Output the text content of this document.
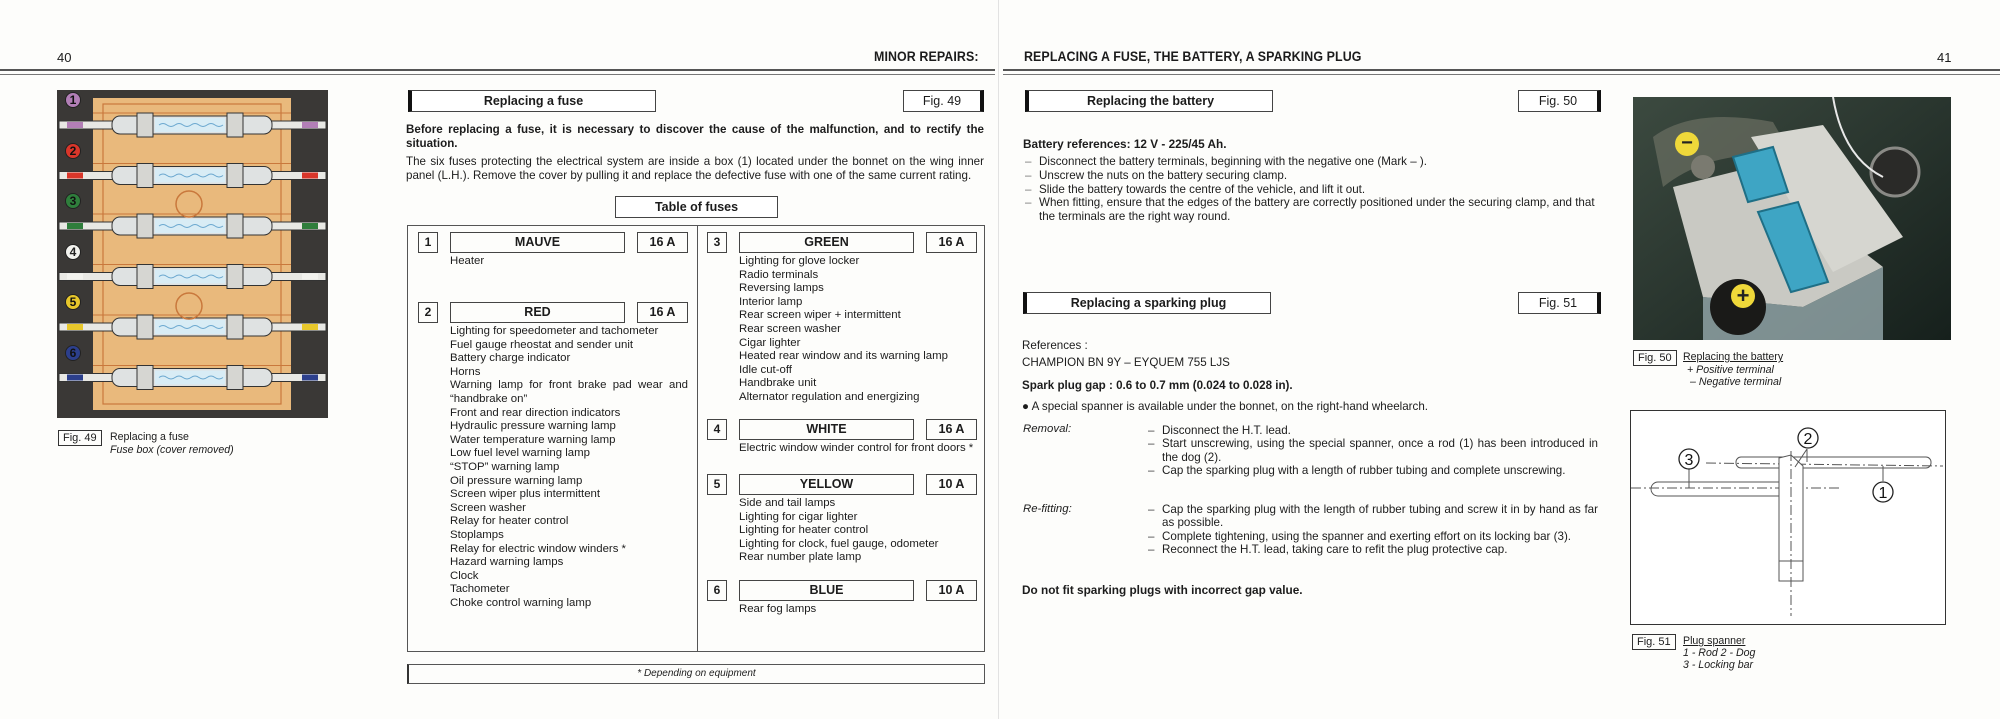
40	MINOR REPAIRS:	REPLACING A FUSE, THE BATTERY, A SPARKING PLUG	41
1
2
3
4
5
6
Fig. 49	Replacing a fuse
Fuse box (cover removed)
Replacing a fuse	Fig. 49
Before replacing a fuse, it is necessary to discover the cause of the malfunction, and to rectify the situation.
The six fuses protecting the electrical system are inside a box (1) located under the bonnet on the wing inner panel (L.H.). Remove the cover by pulling it and replace the defective fuse with one of the same current rating.
Table of fuses
1	MAUVE	16 A
Heater
2	RED	16 A
Lighting for speedometer and tachometer
Fuel gauge rheostat and sender unit
Battery charge indicator
Horns
Warning lamp for front brake pad wear and “handbrake on”
Front and rear direction indicators
Hydraulic pressure warning lamp
Water temperature warning lamp
Low fuel level warning lamp
“STOP” warning lamp
Oil pressure warning lamp
Screen wiper plus intermittent
Screen washer
Relay for heater control
Stoplamps
Relay for electric window winders *
Hazard warning lamps
Clock
Tachometer
Choke control warning lamp
3	GREEN	16 A
Lighting for glove locker
Radio terminals
Reversing lamps
Interior lamp
Rear screen wiper + intermittent
Rear screen washer
Cigar lighter
Heated rear window and its warning lamp
Idle cut-off
Handbrake unit
Alternator regulation and energizing
4	WHITE	16 A
Electric window winder control for front doors *
5	YELLOW	10 A
Side and tail lamps
Lighting for cigar lighter
Lighting for heater control
Lighting for clock, fuel gauge, odometer
Rear number plate lamp
6	BLUE	10 A
Rear fog lamps
* Depending on equipment
Replacing the battery	Fig. 50
Battery references: 12 V - 225/45 Ah.
– Disconnect the battery terminals, beginning with the negative one (Mark – ).
– Unscrew the nuts on the battery securing clamp.
– Slide the battery towards the centre of the vehicle, and lift it out.
– When fitting, ensure that the edges of the battery are correctly positioned under the securing clamp, and that the terminals are the right way round.
−
+
Fig. 50	Replacing the battery
+ Positive terminal
– Negative terminal
Replacing a sparking plug	Fig. 51
References :
CHAMPION BN 9Y – EYQUEM 755 LJS
Spark plug gap : 0.6 to 0.7 mm (0.024 to 0.028 in).
● A special spanner is available under the bonnet, on the right-hand wheelarch.
Removal:	– Disconnect the H.T. lead.
– Start unscrewing, using the special spanner, once a rod (1) has been introduced in the dog (2).
– Cap the sparking plug with a length of rubber tubing and complete unscrewing.
Re-fitting:	– Cap the sparking plug with the length of rubber tubing and screw it in by hand as far as possible.
– Complete tightening, using the spanner and exerting effort on its locking bar (3).
– Reconnect the H.T. lead, taking care to refit the plug protective cap.
Do not fit sparking plugs with incorrect gap value.
3
2
1
Fig. 51	Plug spanner
1 - Rod 2 - Dog
3 - Locking bar
